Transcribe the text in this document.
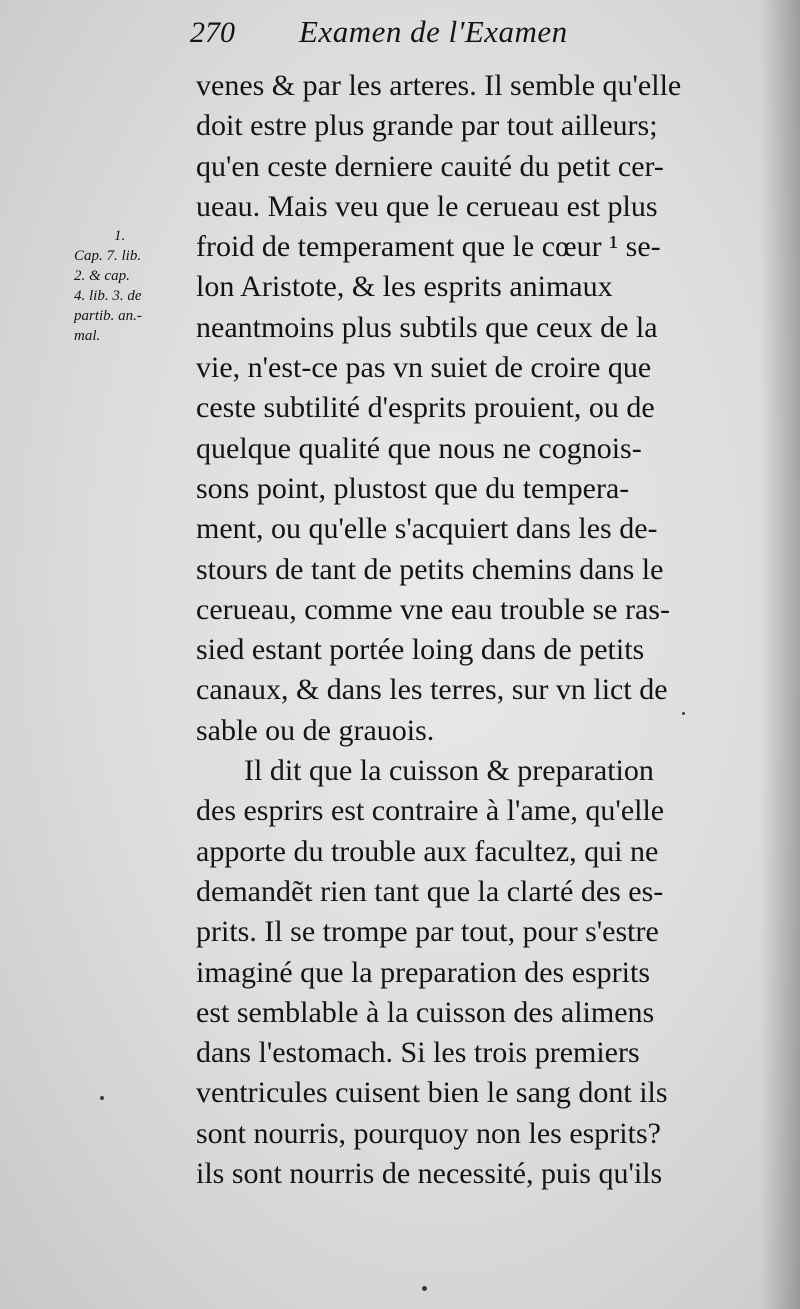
270 Examen de l'Examen
1.
Cap. 7. lib.
2. & cap.
4. lib. 3. de
partib. an.-
mal.
venes & par les arteres. Il semble qu'elle
doit estre plus grande par tout ailleurs;
qu'en ceste derniere cauité du petit cer-
ueau. Mais veu que le cerueau est plus
froid de temperament que le cœur ¹ se-
lon Aristote, & les esprits animaux
neantmoins plus subtils que ceux de la
vie, n'est-ce pas vn suiet de croire que
ceste subtilité d'esprits prouient, ou de
quelque qualité que nous ne cognois-
sons point, plustost que du tempera-
ment, ou qu'elle s'acquiert dans les de-
stours de tant de petits chemins dans le
cerueau, comme vne eau trouble se ras-
sied estant portée loing dans de petits
canaux, & dans les terres, sur vn lict de
sable ou de grauois.
Il dit que la cuisson & preparation
des esprirs est contraire à l'ame, qu'elle
apporte du trouble aux facultez, qui ne
demandẽt rien tant que la clarté des es-
prits. Il se trompe par tout, pour s'estre
imaginé que la preparation des esprits
est semblable à la cuisson des alimens
dans l'estomach. Si les trois premiers
ventricules cuisent bien le sang dont ils
sont nourris, pourquoy non les esprits?
ils sont nourris de necessité, puis qu'ils
